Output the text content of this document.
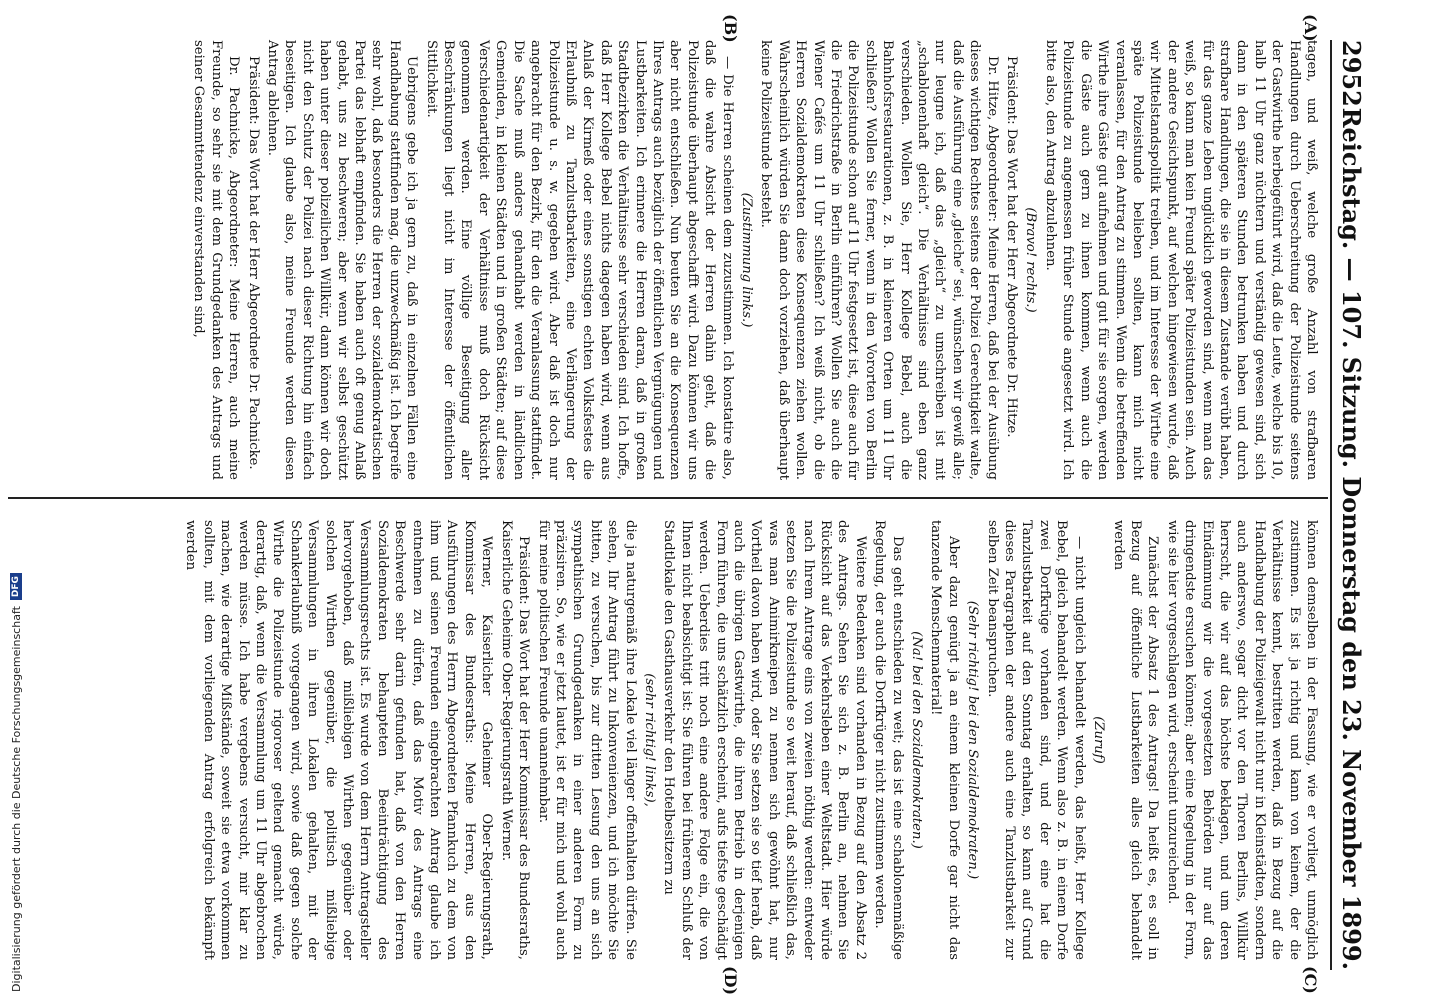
2952
Reichstag. — 107. Sitzung. Donnerstag den 23. November 1899.
(A)
(B)
(C)
(D)

tagen, und weiß, welche große Anzahl von strafbaren Handlungen durch Ueberschreitung der Polizeistunde seitens der Gastwirthe herbeigeführt wird, daß die Leute, welche bis 10, halb 11 Uhr ganz nüchtern und verständig gewesen sind, sich dann in den späteren Stunden betrunken haben und durch strafbare Handlungen, die sie in diesem Zustande verübt haben, für das ganze Leben unglücklich geworden sind, wenn man das weiß, so kann man kein Freund später Polizeistunden sein. Auch der andere Gesichtspunkt, auf welchen hingewiesen wurde, daß wir Mittelstandspolitik treiben, und im Interesse der Wirthe eine späte Polizeistunde belieben sollten, kann mich nicht veranlassen, für den Antrag zu stimmen. Wenn die betreffenden Wirthe ihre Gäste gut aufnehmen und gut für sie sorgen, werden die Gäste auch gern zu ihnen kommen, wenn auch die Polizeistunde zu angemessen früher Stunde angesetzt wird. Ich bitte also, den Antrag abzulehnen.

(Bravo! rechts.)

Präsident: Das Wort hat der Herr Abgeordnete Dr. Hitze.

Dr. Hitze, Abgeordneter: Meine Herren, daß bei der Ausübung dieses wichtigen Rechtes seitens der Polizei Gerechtigkeit walte, daß die Ausführung eine „gleiche“ sei, wünschen wir gewiß alle; nur leugne ich, daß das „gleich“ zu umschreiben ist mit „schablonenhaft gleich“. Die Verhältnisse sind eben ganz verschieden. Wollen Sie, Herr Kollege Bebel, auch die Bahnhofsrestaurationen, z. B. in kleineren Orten um 11 Uhr schließen? Wollen Sie ferner, wenn in den Vororten von Berlin die Polizeistunde schon auf 11 Uhr festgesetzt ist, diese auch für die Friedrichstraße in Berlin einführen? Wollen Sie auch die Wiener Cafés um 11 Uhr schließen? Ich weiß nicht, ob die Herren Sozialdemokraten diese Konsequenzen ziehen wollen. Wahrscheinlich würden Sie dann doch vorziehen, daß überhaupt keine Polizeistunde besteht.

(Zustimmung links.)

— Die Herren scheinen dem zuzustimmen. Ich konstatire also, daß die wahre Absicht der Herren dahin geht, daß die Polizeistunde überhaupt abgeschafft wird. Dazu können wir uns aber nicht entschließen. Nun beuten Sie an die Konsequenzen Ihres Antrags auch bezüglich der öffentlichen Vergnügungen und Lustbarkeiten. Ich erinnere die Herren daran, daß in großen Stadtbezirken die Verhältnisse sehr verschieden sind. Ich hoffe, daß Herr Kollege Bebel nichts dagegen haben wird, wenn aus Anlaß der Kirmeß oder eines sonstigen echten Volksfestes die Erlaubniß zu Tanzlustbarkeiten, eine Verlängerung der Polizeistunde u. s. w. gegeben wird. Aber daß ist doch nur angebracht für den Bezirk, für den die Veranlassung stattfindet. Die Sache muß anders gehandhabt werden in ländlichen Gemeinden, in kleinen Städten und in großen Städten; auf diese Verschiedenartigkeit der Verhältnisse muß doch Rücksicht genommen werden. Eine völlige Beseitigung aller Beschränkungen liegt nicht im Interesse der öffentlichen Sittlichkeit.

Uebrigens gebe ich ja gern zu, daß in einzelnen Fällen eine Handhabung stattfinden mag, die unzweckmäßig ist. Ich begreife sehr wohl, daß besonders die Herren der sozialdemokratischen Partei das lebhaft empfinden. Sie haben auch oft genug Anlaß gehabt, uns zu beschweren; aber wenn wir selbst geschützt haben unter dieser polizeilichen Willkür, dann können wir doch nicht den Schutz der Polizei nach dieser Richtung hin einfach beseitigen. Ich glaube also, meine Freunde werden diesen Antrag ablehnen.

Präsident: Das Wort hat der Herr Abgeordnete Dr. Pachnicke.

Dr. Pachnicke, Abgeordneter: Meine Herren, auch meine Freunde, so sehr sie mit dem Grundgedanken des Antrags und seiner Gesammttendenz einverstanden sind,

können demselben in der Fassung, wie er vorliegt, unmöglich zustimmen. Es ist ja richtig und kann von keinem, der die Verhältnisse kennt, bestritten werden, daß in Bezug auf die Handhabung der Polizeigewalt nicht nur in Kleinstädten, sondern auch anderswo, sogar dicht vor den Thoren Berlins, Willkür herrscht, die wir auf das höchste beklagen, und um deren Eindämmung wir die vorgesetzten Behörden nur auf das dringendste ersuchen können; aber eine Regelung in der Form, wie sie hier vorgeschlagen wird, erscheint unzureichend.

Zunächst der Absatz 1 des Antrags! Da heißt es, es soll in Bezug auf öffentliche Lustbarkeiten alles gleich behandelt werden

(Zuruf)

— nicht ungleich behandelt werden, das heißt, Herr Kollege Bebel, gleich behandelt werden. Wenn also z. B. in einem Dorfe zwei Dorfkrüge vorhanden sind, und der eine hat die Tanzlustbarkeit auf den Sonntag erhalten, so kann auf Grund dieses Paragraphen der andere auch eine Tanzlustbarkeit zur selben Zeit beanspruchen.

(Sehr richtig! bei den Sozialdemokraten.)

Aber dazu genügt ja an einem kleinen Dorfe gar nicht das tanzende Menschenmaterial!

(Na! bei den Sozialdemokraten.)

Das geht entschieden zu weit; das ist eine schablonenmäßige Regelung, der auch die Dorfkrüger nicht zustimmen werden.

Weitere Bedenken sind vorhanden in Bezug auf den Absatz 2 des Antrags. Sehen Sie sich z. B. Berlin an, nehmen Sie Rücksicht auf das Verkehrsleben einer Weltstadt. Hier würde nach Ihrem Antrage eins von zweien nöthig werden: entweder setzen Sie die Polizeistunde so weit herauf, daß schließlich das, was man Animirkneipen zu nennen sich gewöhnt hat, nur Vortheil davon haben wird, oder Sie setzen sie so tief herab, daß auch die übrigen Gastwirthe, die ihren Betrieb in derjenigen Form führen, die uns schätzlich erscheint, aufs tiefste geschädigt werden. Ueberdies tritt noch eine andere Folge ein, die von Ihnen nicht beabsichtigt ist: Sie führen bei früherem Schluß der Stadtlokale den Gasthausverkehr den Hotelbesitzern zu

(sehr richtig! links),

die ja naturgemäß ihre Lokale viel länger offenhalten dürfen. Sie sehen, Ihr Antrag führt zu Inkonvenienzen, und ich möchte Sie bitten, zu versuchen, bis zur dritten Lesung den uns an sich sympathischen Grundgedanken in einer anderen Form zu präzisiren. So, wie er jetzt lautet, ist er für mich und wohl auch für meine politischen Freunde unannehmbar.

Präsident: Das Wort hat der Herr Kommissar des Bundesraths, Kaiserliche Geheime Ober-Regierungsrath Werner.

Werner, Kaiserlicher Geheimer Ober-Regierungsrath, Kommissar des Bundesraths: Meine Herren, aus den Ausführungen des Herrn Abgeordneten Pfannkuch zu dem von ihm und seinen Freunden eingebrachten Antrag glaube ich entnehmen zu dürfen, daß das Motiv des Antrags eine Beschwerde sehr darin gefunden hat, daß von den Herren Sozialdemokraten behaupteten Beeinträchtigung des Versammlungsrechts ist. Es wurde von dem Herrn Antragsteller hervorgehoben, daß mißliebigen Wirthen gegenüber oder solchen Wirthen gegenüber, die politisch mißliebige Versammlungen in ihren Lokalen gehalten, mit der Schankerlaubniß vorgegangen wird, sowie daß gegen solche Wirthe die Polizeistunde rigoroser geltend gemacht würde, derartig, daß, wenn die Versammlung um 11 Uhr abgebrochen werden müsse. Ich habe vergebens versucht, mir klar zu machen, wie derartige Mißstände, soweit sie etwa vorkommen sollten, mit dem vorliegenden Antrag erfolgreich bekämpft werden

Digitalisierung gefördert durch die Deutsche Forschungsgemeinschaft
DFG
